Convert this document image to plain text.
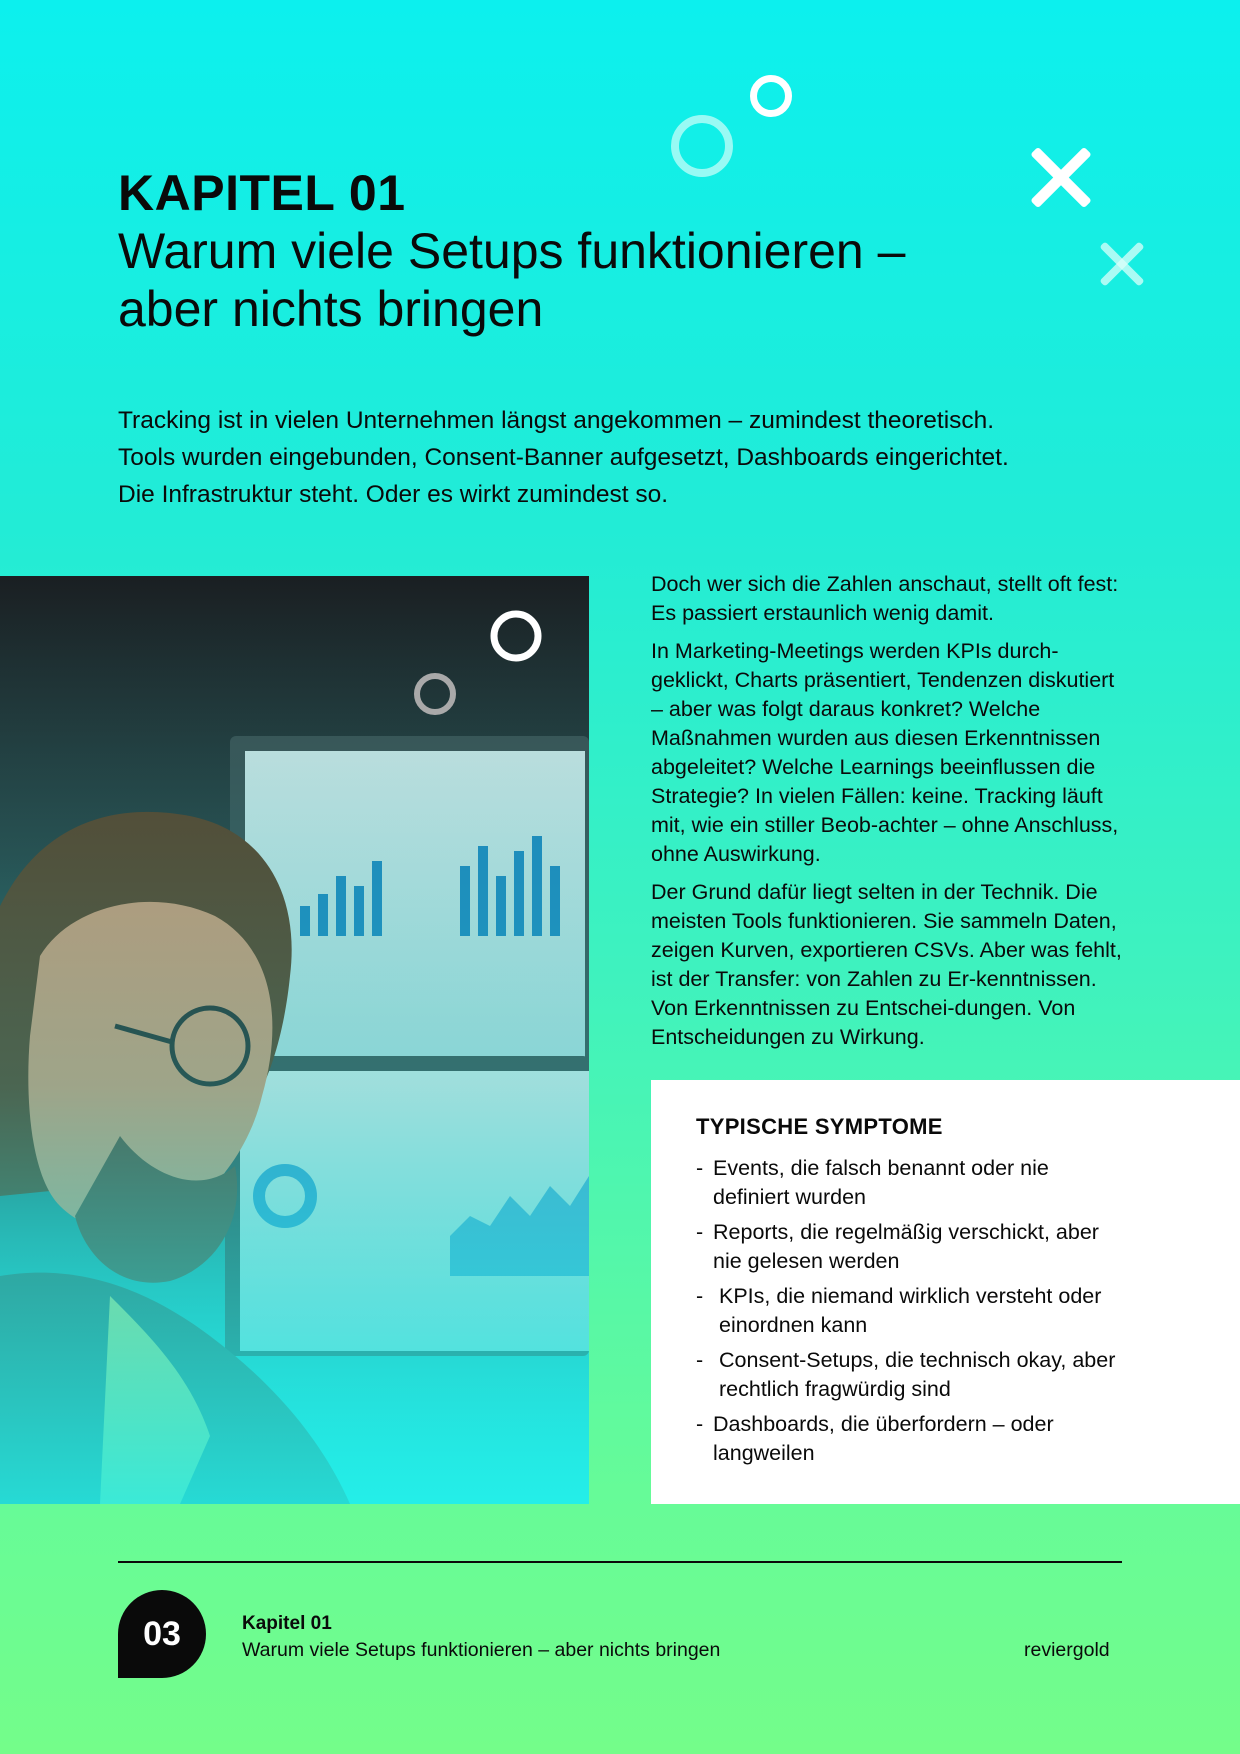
KAPITEL 01
Warum viele Setups funktionieren –
aber nichts bringen

Tracking ist in vielen Unternehmen längst angekommen – zumindest theoretisch.
Tools wurden eingebunden, Consent-Banner aufgesetzt, Dashboards eingerichtet.
Die Infrastruktur steht. Oder es wirkt zumindest so.

Doch wer sich die Zahlen anschaut, stellt oft fest: Es passiert erstaunlich wenig damit.

In Marketing-Meetings werden KPIs durch-geklickt, Charts präsentiert, Tendenzen diskutiert – aber was folgt daraus konkret? Welche Maßnahmen wurden aus diesen Erkenntnissen abgeleitet? Welche Learnings beeinflussen die Strategie? In vielen Fällen: keine. Tracking läuft mit, wie ein stiller Beob-achter – ohne Anschluss, ohne Auswirkung.

Der Grund dafür liegt selten in der Technik. Die meisten Tools funktionieren. Sie sammeln Daten, zeigen Kurven, exportieren CSVs. Aber was fehlt, ist der Transfer: von Zahlen zu Er-kenntnissen. Von Erkenntnissen zu Entschei-dungen. Von Entscheidungen zu Wirkung.

TYPISCHE SYMPTOME
- Events, die falsch benannt oder nie definiert wurden
- Reports, die regelmäßig verschickt, aber nie gelesen werden
- KPIs, die niemand wirklich versteht oder einordnen kann
- Consent-Setups, die technisch okay, aber rechtlich fragwürdig sind
- Dashboards, die überfordern – oder langweilen
03	Kapitel 01
Warum viele Setups funktionieren – aber nichts bringen	reviergold
